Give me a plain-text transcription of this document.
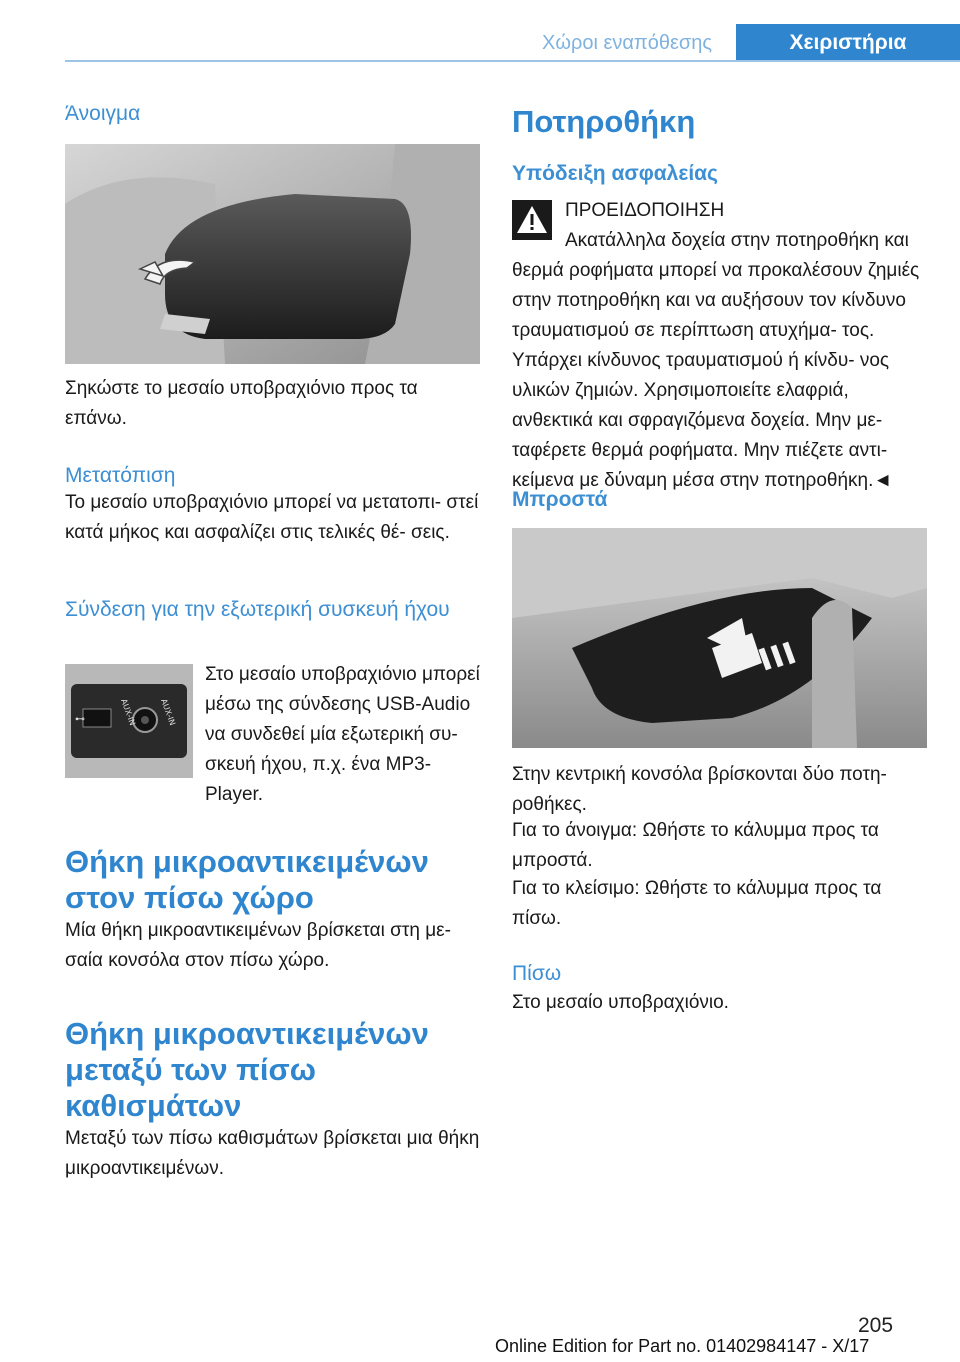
Χώροι εναπόθεσης	Χειριστήρια
Άνοιγμα

Σηκώστε το μεσαίο υποβραχιόνιο προς τα επάνω.

Μετατόπιση

Το μεσαίο υποβραχιόνιο μπορεί να μετατοπι- στεί κατά μήκος και ασφαλίζει στις τελικές θέ- σεις.

Σύνδεση για την εξωτερική συσκευή ήχου
⊷	AUX-IN	AUX-IN

Στο μεσαίο υποβραχιόνιο μπορεί μέσω της σύνδεσης USB-Audio να συνδεθεί μία εξωτερική συ- σκευή ήχου, π.χ. ένα MP3- Player.

Θήκη μικροαντικειμένων στον πίσω χώρο

Μία θήκη μικροαντικειμένων βρίσκεται στη με- σαία κονσόλα στον πίσω χώρο.

Θήκη μικροαντικειμένων μεταξύ των πίσω καθισμάτων

Μεταξύ των πίσω καθισμάτων βρίσκεται μια θήκη μικροαντικειμένων.

Ποτηροθήκη
Υπόδειξη ασφαλείας

ΠΡΟΕΙΔΟΠΟΙΗΣΗ

Ακατάλληλα δοχεία στην ποτηροθήκη και θερμά ροφήματα μπορεί να προκαλέσουν ζημιές στην ποτηροθήκη και να αυξήσουν τον κίνδυνο τραυματισμού σε περίπτωση ατυχήμα- τος. Υπάρχει κίνδυνος τραυματισμού ή κίνδυ- νος υλικών ζημιών. Χρησιμοποιείτε ελαφριά, ανθεκτικά και σφραγιζόμενα δοχεία. Μην με- ταφέρετε θερμά ροφήματα. Μην πιέζετε αντι- κείμενα με δύναμη μέσα στην ποτηροθήκη.◄

Μπροστά

Στην κεντρική κονσόλα βρίσκονται δύο ποτη- ροθήκες.

Για το άνοιγμα: Ωθήστε το κάλυμμα προς τα μπροστά.

Για το κλείσιμο: Ωθήστε το κάλυμμα προς τα πίσω.

Πίσω

Στο μεσαίο υποβραχιόνιο.

205
Online Edition for Part no. 01402984147 - X/17
